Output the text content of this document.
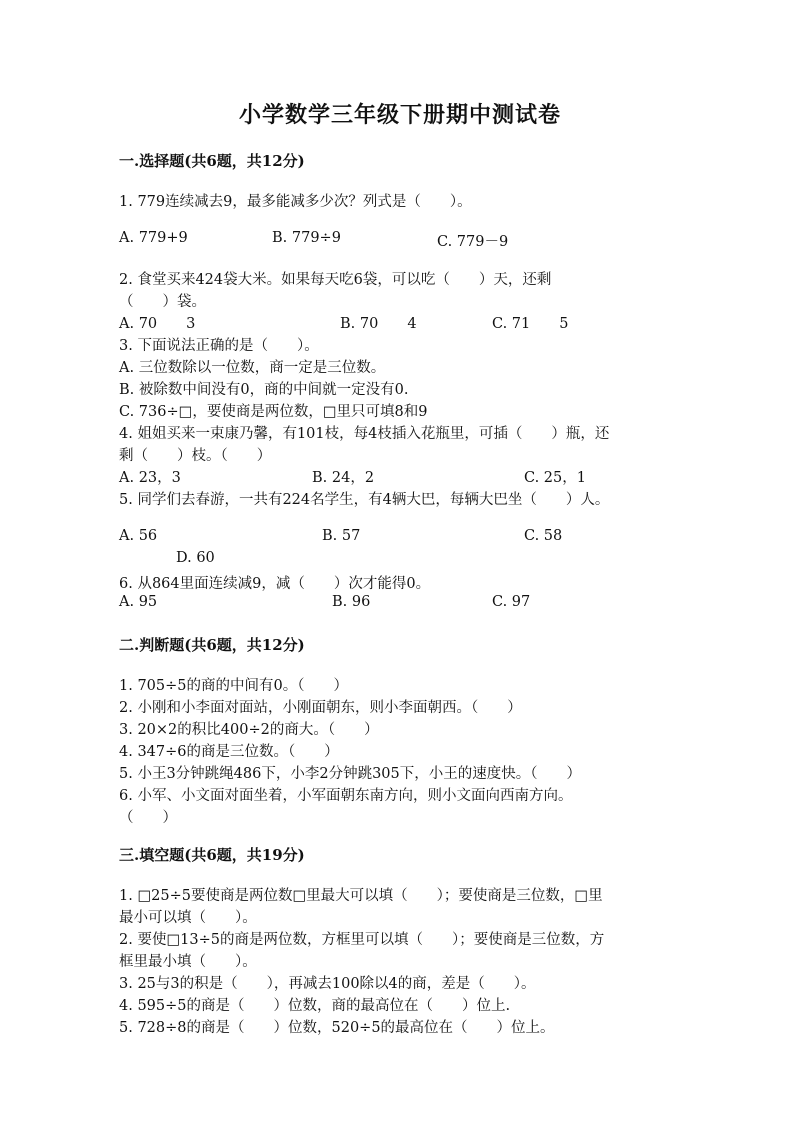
小学数学三年级下册期中测试卷
一.选择题(共6题，共12分)
1. 779连续减去9，最多能减多少次？列式是（　　）。
A. 779+9	B. 779÷9	C. 779－9
2. 食堂买来424袋大米。如果每天吃6袋，可以吃（　　）天，还剩
（　　）袋。
A. 70　　3	B. 70　　4	C. 71　　5
3. 下面说法正确的是（　　）。
A. 三位数除以一位数，商一定是三位数。
B. 被除数中间没有0，商的中间就一定没有0.
C. 736÷□，要使商是两位数，□里只可填8和9
4. 姐姐买来一束康乃馨，有101枝，每4枝插入花瓶里，可插（　　）瓶，还
剩（　　）枝。（　　）
A. 23，3	B. 24，2	C. 25，1
5. 同学们去春游，一共有224名学生，有4辆大巴，每辆大巴坐（　　）人。
A. 56	B. 57	C. 58
D. 60
6. 从864里面连续减9，减（　　）次才能得0。
A. 95	B. 96	C. 97
二.判断题(共6题，共12分)
1. 705÷5的商的中间有0。（　　）
2. 小刚和小李面对面站，小刚面朝东，则小李面朝西。（　　）
3. 20×2的积比400÷2的商大。（　　）
4. 347÷6的商是三位数。（　　）
5. 小王3分钟跳绳486下，小李2分钟跳305下，小王的速度快。（　　）
6. 小军、小文面对面坐着，小军面朝东南方向，则小文面向西南方向。
（　　）
三.填空题(共6题，共19分)
1. □25÷5要使商是两位数□里最大可以填（　　）；要使商是三位数，□里
最小可以填（　　）。
2. 要使□13÷5的商是两位数，方框里可以填（　　）；要使商是三位数，方
框里最小填（　　）。
3. 25与3的积是（　　），再减去100除以4的商，差是（　　）。
4. 595÷5的商是（　　）位数，商的最高位在（　　）位上.
5. 728÷8的商是（　　）位数，520÷5的最高位在（　　）位上。
